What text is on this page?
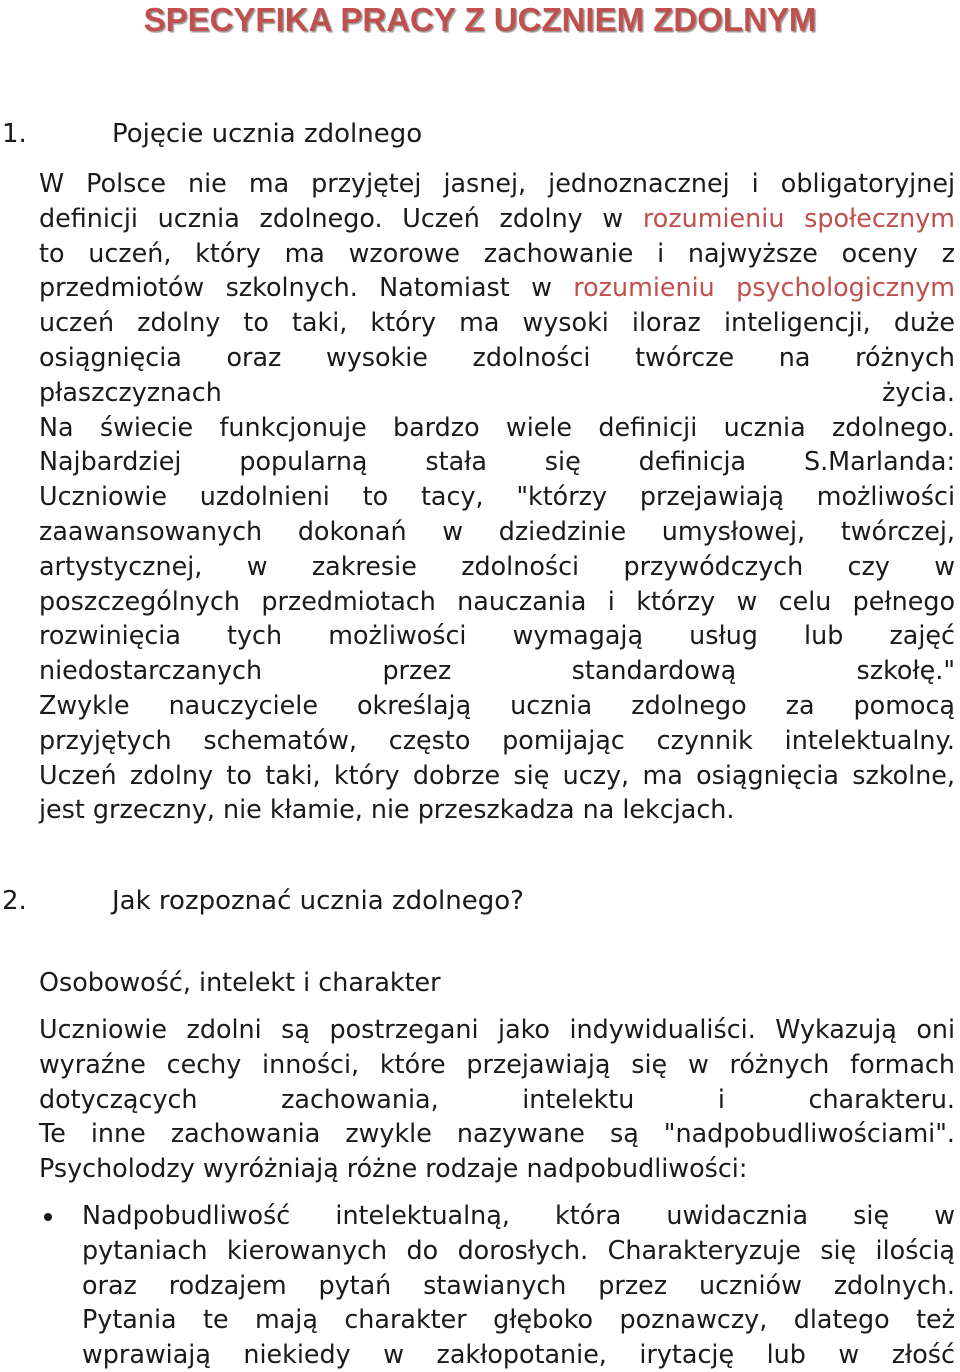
SPECYFIKA PRACY Z UCZNIEM ZDOLNYM
1.	Pojęcie ucznia zdolnego
W Polsce nie ma przyjętej jasnej, jednoznacznej i obligatoryjnej
definicji ucznia zdolnego. Uczeń zdolny w rozumieniu społecznym
to uczeń, który ma wzorowe zachowanie i najwyższe oceny z
przedmiotów szkolnych. Natomiast w rozumieniu psychologicznym
uczeń zdolny to taki, który ma wysoki iloraz inteligencji, duże
osiągnięcia oraz wysokie zdolności twórcze na różnych
płaszczyznach życia.
Na świecie funkcjonuje bardzo wiele definicji ucznia zdolnego.
Najbardziej popularną stała się definicja S.Marlanda:
Uczniowie uzdolnieni to tacy, "którzy przejawiają możliwości
zaawansowanych dokonań w dziedzinie umysłowej, twórczej,
artystycznej, w zakresie zdolności przywódczych czy w
poszczególnych przedmiotach nauczania i którzy w celu pełnego
rozwinięcia tych możliwości wymagają usług lub zajęć
niedostarczanych przez standardową szkołę."
Zwykle nauczyciele określają ucznia zdolnego za pomocą
przyjętych schematów, często pomijając czynnik intelektualny.
Uczeń zdolny to taki, który dobrze się uczy, ma osiągnięcia szkolne,
jest grzeczny, nie kłamie, nie przeszkadza na lekcjach.
2.	Jak rozpoznać ucznia zdolnego?
Osobowość, intelekt i charakter
Uczniowie zdolni są postrzegani jako indywidualiści. Wykazują oni
wyraźne cechy inności, które przejawiają się w różnych formach
dotyczących zachowania, intelektu i charakteru.
Te inne zachowania zwykle nazywane są "nadpobudliwościami".
Psycholodzy wyróżniają różne rodzaje nadpobudliwości:
Nadpobudliwość intelektualną, która uwidacznia się w
pytaniach kierowanych do dorosłych. Charakteryzuje się ilością
oraz rodzajem pytań stawianych przez uczniów zdolnych.
Pytania te mają charakter głęboko poznawczy, dlatego też
wprawiają niekiedy w zakłopotanie, irytację lub w złość
